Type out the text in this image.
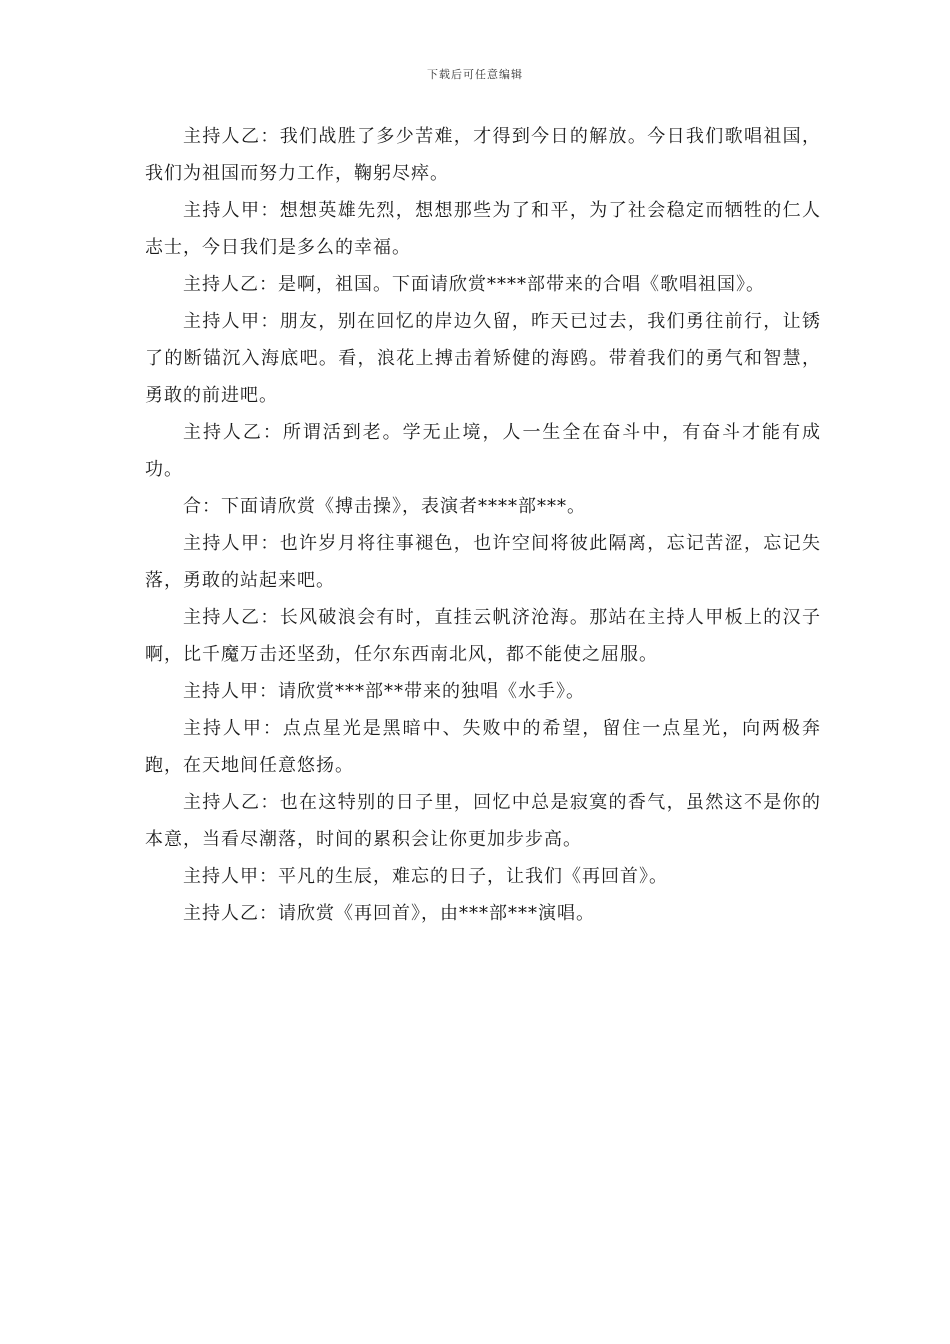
下载后可任意编辑

主持人乙：我们战胜了多少苦难，才得到今日的解放。今日我们歌唱祖国，我们为祖国而努力工作，鞠躬尽瘁。

主持人甲：想想英雄先烈，想想那些为了和平，为了社会稳定而牺牲的仁人志士，今日我们是多么的幸福。

主持人乙：是啊，祖国。下面请欣赏****部带来的合唱《歌唱祖国》。

主持人甲：朋友，别在回忆的岸边久留，昨天已过去，我们勇往前行，让锈了的断锚沉入海底吧。看，浪花上搏击着矫健的海鸥。带着我们的勇气和智慧，勇敢的前进吧。

主持人乙：所谓活到老。学无止境，人一生全在奋斗中，有奋斗才能有成功。

合：下面请欣赏《搏击操》，表演者****部***。

主持人甲：也许岁月将往事褪色，也许空间将彼此隔离，忘记苦涩，忘记失落，勇敢的站起来吧。

主持人乙：长风破浪会有时，直挂云帆济沧海。那站在主持人甲板上的汉子啊，比千魔万击还坚劲，任尔东西南北风，都不能使之屈服。

主持人甲：请欣赏***部**带来的独唱《水手》。

主持人甲：点点星光是黑暗中、失败中的希望，留住一点星光，向两极奔跑，在天地间任意悠扬。

主持人乙：也在这特别的日子里，回忆中总是寂寞的香气，虽然这不是你的本意，当看尽潮落，时间的累积会让你更加步步高。

主持人甲：平凡的生辰，难忘的日子，让我们《再回首》。

主持人乙：请欣赏《再回首》，由***部***演唱。
